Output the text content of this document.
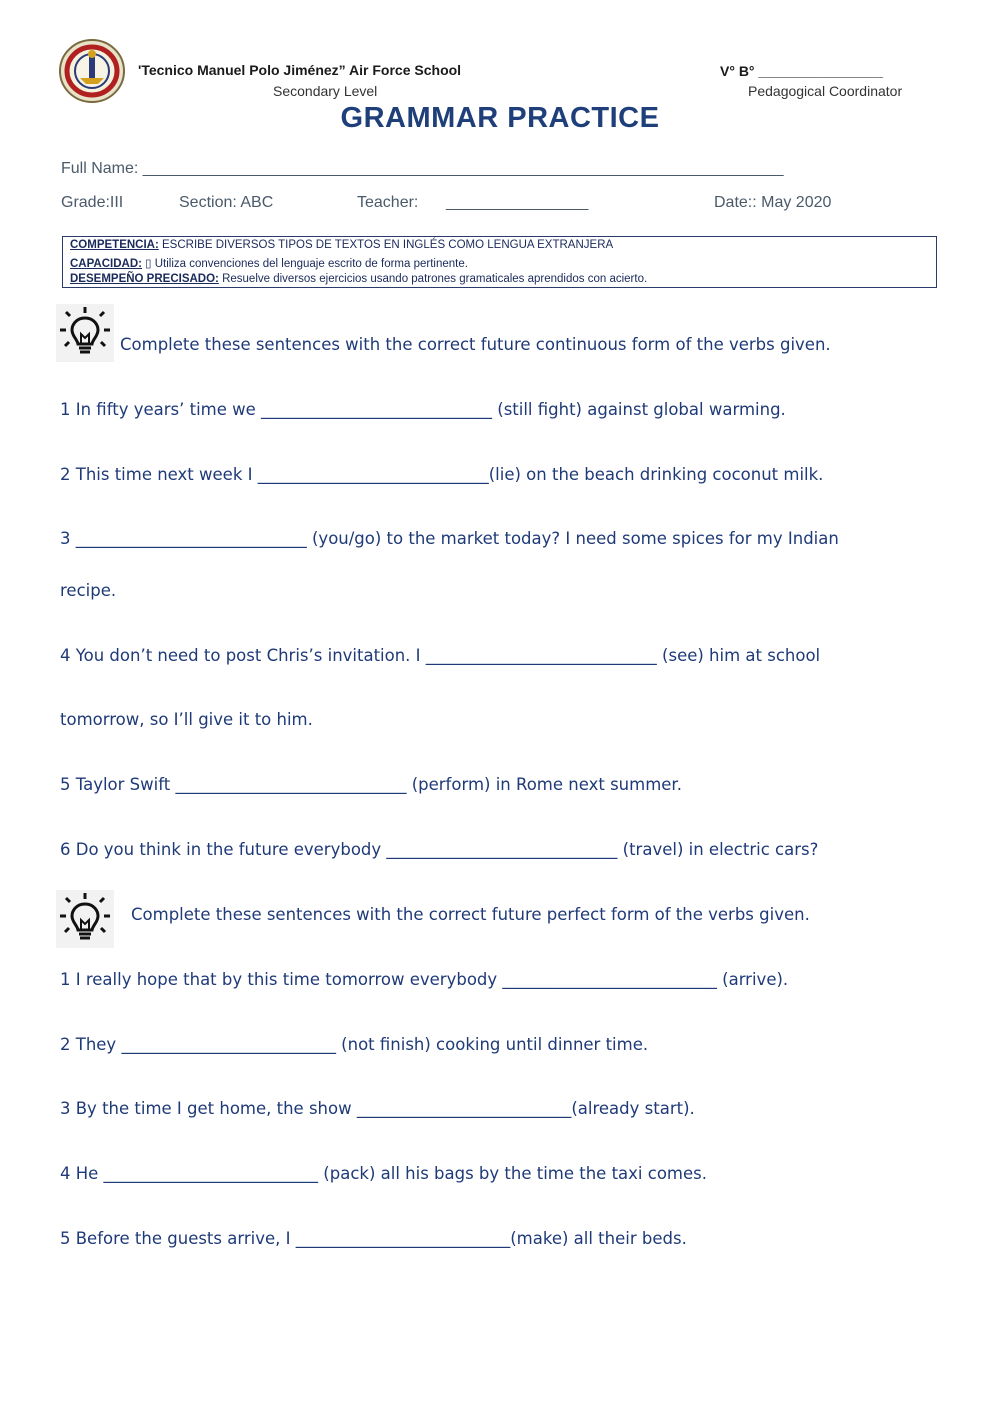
'Tecnico Manuel Polo Jiménez” Air Force School
Secondary Level
V° B° ________________
Pedagogical Coordinator
GRAMMAR PRACTICE
Full Name: ________________________________________________________________________
Grade:III	Section: ABC	Teacher: ________________	Date:: May 2020
COMPETENCIA: ESCRIBE DIVERSOS TIPOS DE TEXTOS EN INGLÉS COMO LENGUA EXTRANJERA
CAPACIDAD: ▯ Utiliza convenciones del lenguaje escrito de forma pertinente.
DESEMPEÑO PRECISADO: Resuelve diversos ejercicios usando patrones gramaticales aprendidos con acierto.
Complete these sentences with the correct future continuous form of the verbs given.
1 In fifty years’ time we ____________________________ (still fight) against global warming.
2 This time next week I ____________________________(lie) on the beach drinking coconut milk.
3 ____________________________ (you/go) to the market today? I need some spices for my Indian
recipe.
4 You don’t need to post Chris’s invitation. I ____________________________ (see) him at school
tomorrow, so I’ll give it to him.
5 Taylor Swift ____________________________ (perform) in Rome next summer.
6 Do you think in the future everybody ____________________________ (travel) in electric cars?
Complete these sentences with the correct future perfect form of the verbs given.
1 I really hope that by this time tomorrow everybody __________________________ (arrive).
2 They __________________________ (not finish) cooking until dinner time.
3 By the time I get home, the show __________________________(already start).
4 He __________________________ (pack) all his bags by the time the taxi comes.
5 Before the guests arrive, I __________________________(make) all their beds.
